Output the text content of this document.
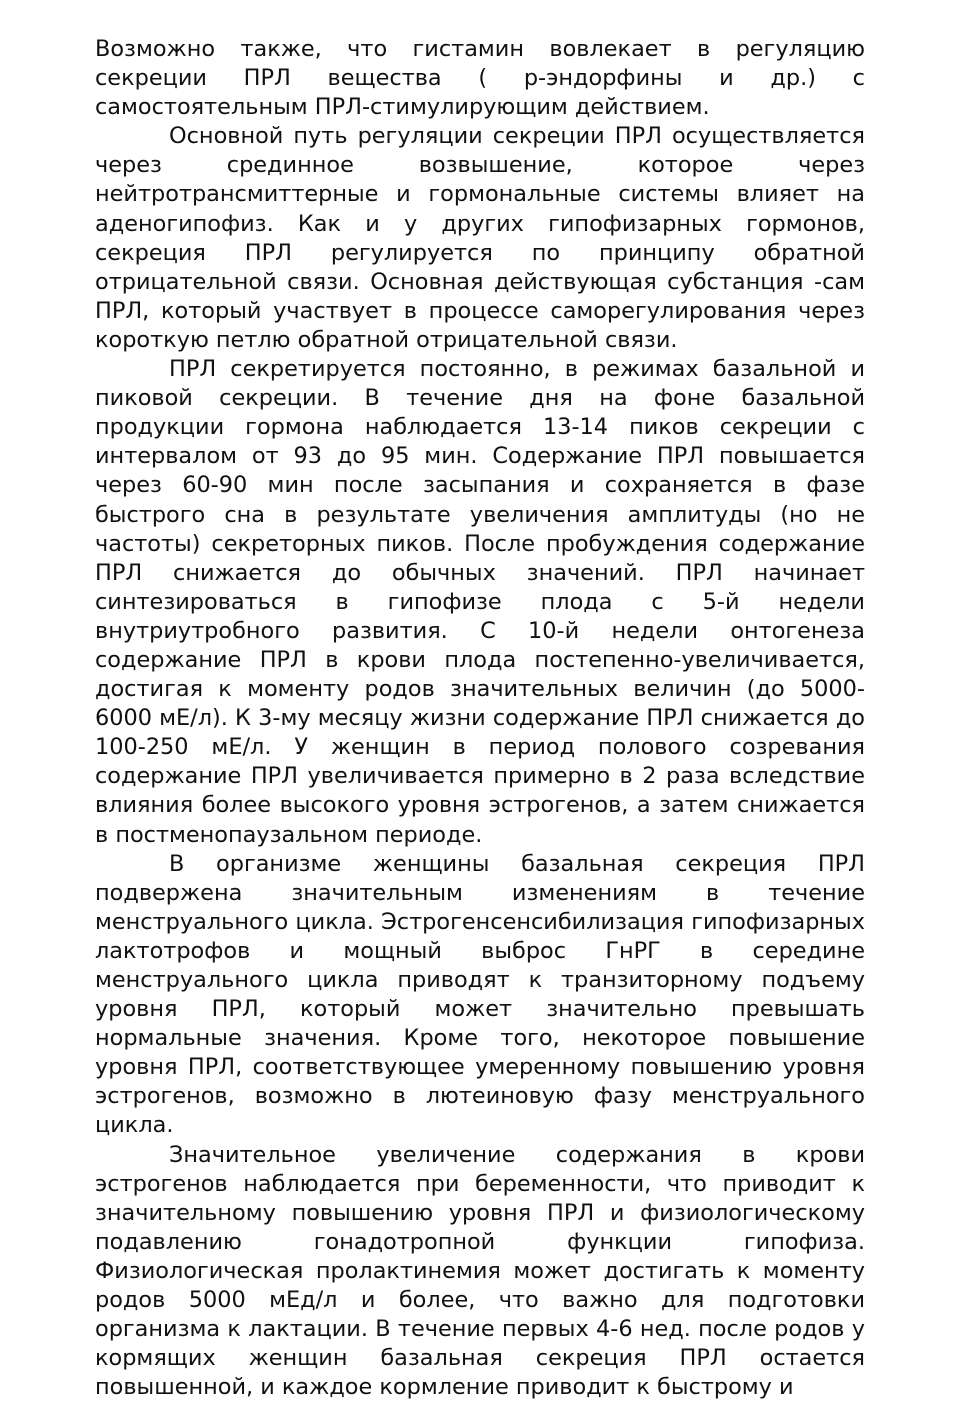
Возможно также, что гистамин вовлекает в регуляцию секреции ПРЛ вещества ( р-эндорфины и др.) с самостоятельным ПРЛ-стимулирующим действием.

Основной путь регуляции секреции ПРЛ осуществляется через срединное возвышение, которое через нейтротрансмиттерные и гормональные системы влияет на аденогипофиз. Как и у других гипофизарных гормонов, секреция ПРЛ регулируется по принципу обратной отрицательной связи. Основная действующая субстанция -сам ПРЛ, который участвует в процессе саморегулирования через короткую петлю обратной отрицательной связи.

ПРЛ секретируется постоянно, в режимах базальной и пиковой секреции. В течение дня на фоне базальной продукции гормона наблюдается 13-14 пиков секреции с интервалом от 93 до 95 мин. Содержание ПРЛ повышается через 60-90 мин после засыпания и сохраняется в фазе быстрого сна в результате увеличения амплитуды (но не частоты) секреторных пиков. После пробуждения содержание ПРЛ снижается до обычных значений. ПРЛ начинает синтезироваться в гипофизе плода с 5-й недели внутриутробного развития. С 10-й недели онтогенеза содержание ПРЛ в крови плода постепенно-увеличивается, достигая к моменту родов значительных величин (до 5000-6000 мЕ/л). К 3-му месяцу жизни содержание ПРЛ снижается до 100-250 мЕ/л. У женщин в период полового созревания содержание ПРЛ увеличивается примерно в 2 раза вследствие влияния более высокого уровня эстрогенов, а затем снижается в постменопаузальном периоде.

В организме женщины базальная секреция ПРЛ подвержена значительным изменениям в течение менструального цикла. Эстрогенсенсибилизация гипофизарных лактотрофов и мощный выброс ГнРГ в середине менструального цикла приводят к транзиторному подъему уровня ПРЛ, который может значительно превышать нормальные значения. Кроме того, некоторое повышение уровня ПРЛ, соответствующее умеренному повышению уровня эстрогенов, возможно в лютеиновую фазу менструального цикла.

Значительное увеличение содержания в крови эстрогенов наблюдается при беременности, что приводит к значительному повышению уровня ПРЛ и физиологическому подавлению гонадотропной функции гипофиза. Физиологическая пролактинемия может достигать к моменту родов 5000 мЕд/л и более, что важно для подготовки организма к лактации. В течение первых 4-6 нед. после родов у кормящих женщин базальная секреция ПРЛ остается повышенной, и каждое кормление приводит к быстрому и
